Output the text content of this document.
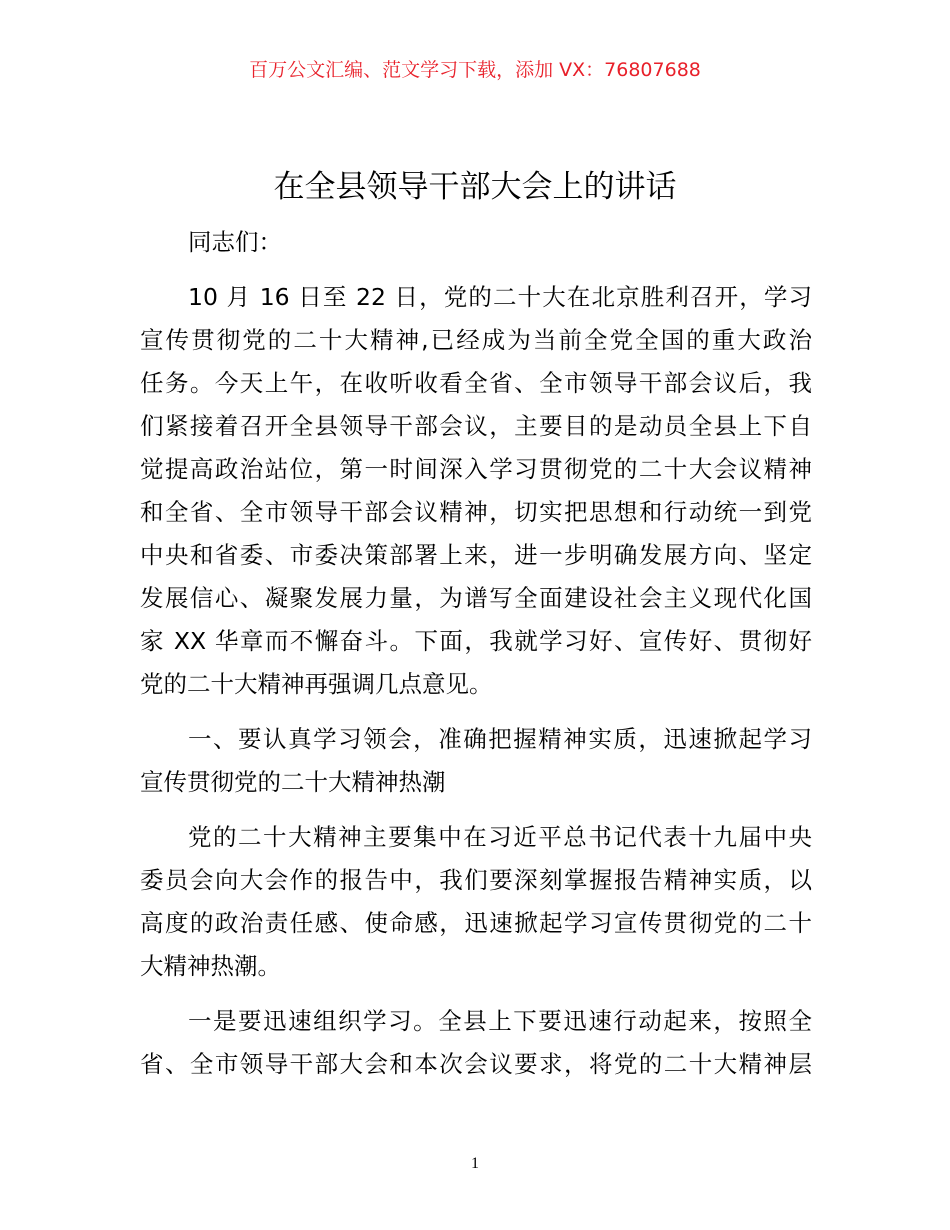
百万公文汇编、范文学习下载，添加 VX：76807688
在全县领导干部大会上的讲话
同志们：
10 月 16 日至 22 日，党的二十大在北京胜利召开，学习
宣传贯彻党的二十大精神,已经成为当前全党全国的重大政治
任务。今天上午，在收听收看全省、全市领导干部会议后，我
们紧接着召开全县领导干部会议，主要目的是动员全县上下自
觉提高政治站位，第一时间深入学习贯彻党的二十大会议精神
和全省、全市领导干部会议精神，切实把思想和行动统一到党
中央和省委、市委决策部署上来，进一步明确发展方向、坚定
发展信心、凝聚发展力量，为谱写全面建设社会主义现代化国
家 XX 华章而不懈奋斗。下面，我就学习好、宣传好、贯彻好
党的二十大精神再强调几点意见。
一、要认真学习领会，准确把握精神实质，迅速掀起学习
宣传贯彻党的二十大精神热潮
党的二十大精神主要集中在习近平总书记代表十九届中央
委员会向大会作的报告中，我们要深刻掌握报告精神实质，以
高度的政治责任感、使命感，迅速掀起学习宣传贯彻党的二十
大精神热潮。
一是要迅速组织学习。全县上下要迅速行动起来，按照全
省、全市领导干部大会和本次会议要求，将党的二十大精神层
1
